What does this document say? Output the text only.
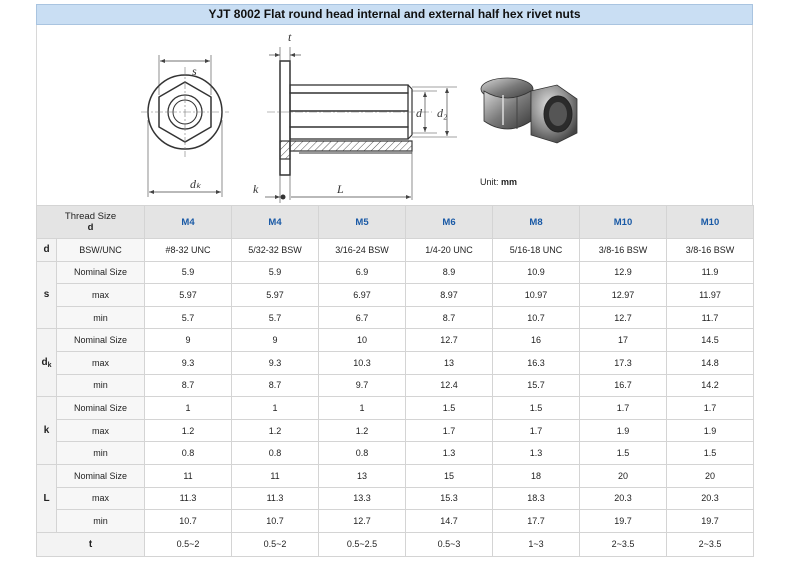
YJT 8002 Flat round head internal and external half hex rivet nuts
s
dₖ
t
k	L
d d₂
Unit: mm
Thread Size
d		M4	M4	M5	M6	M8	M10	M10
d	BSW/UNC	#8-32 UNC	5/32-32 BSW	3/16-24 BSW	1/4-20 UNC	5/16-18 UNC	3/8-16 BSW	3/8-16 BSW
s	Nominal Size	5.9	5.9	6.9	8.9	10.9	12.9	11.9
	max	5.97	5.97	6.97	8.97	10.97	12.97	11.97
	min	5.7	5.7	6.7	8.7	10.7	12.7	11.7
$d_k$	Nominal Size	9	9	10	12.7	16	17	14.5
	max	9.3	9.3	10.3	13	16.3	17.3	14.8
	min	8.7	8.7	9.7	12.4	15.7	16.7	14.2
k	Nominal Size	1	1	1	1.5	1.5	1.7	1.7
	max	1.2	1.2	1.2	1.7	1.7	1.9	1.9
	min	0.8	0.8	0.8	1.3	1.3	1.5	1.5
L	Nominal Size	11	11	13	15	18	20	20
	max	11.3	11.3	13.3	15.3	18.3	20.3	20.3
	min	10.7	10.7	12.7	14.7	17.7	19.7	19.7
t		0.5~2	0.5~2	0.5~2.5	0.5~3	1~3	2~3.5	2~3.5
